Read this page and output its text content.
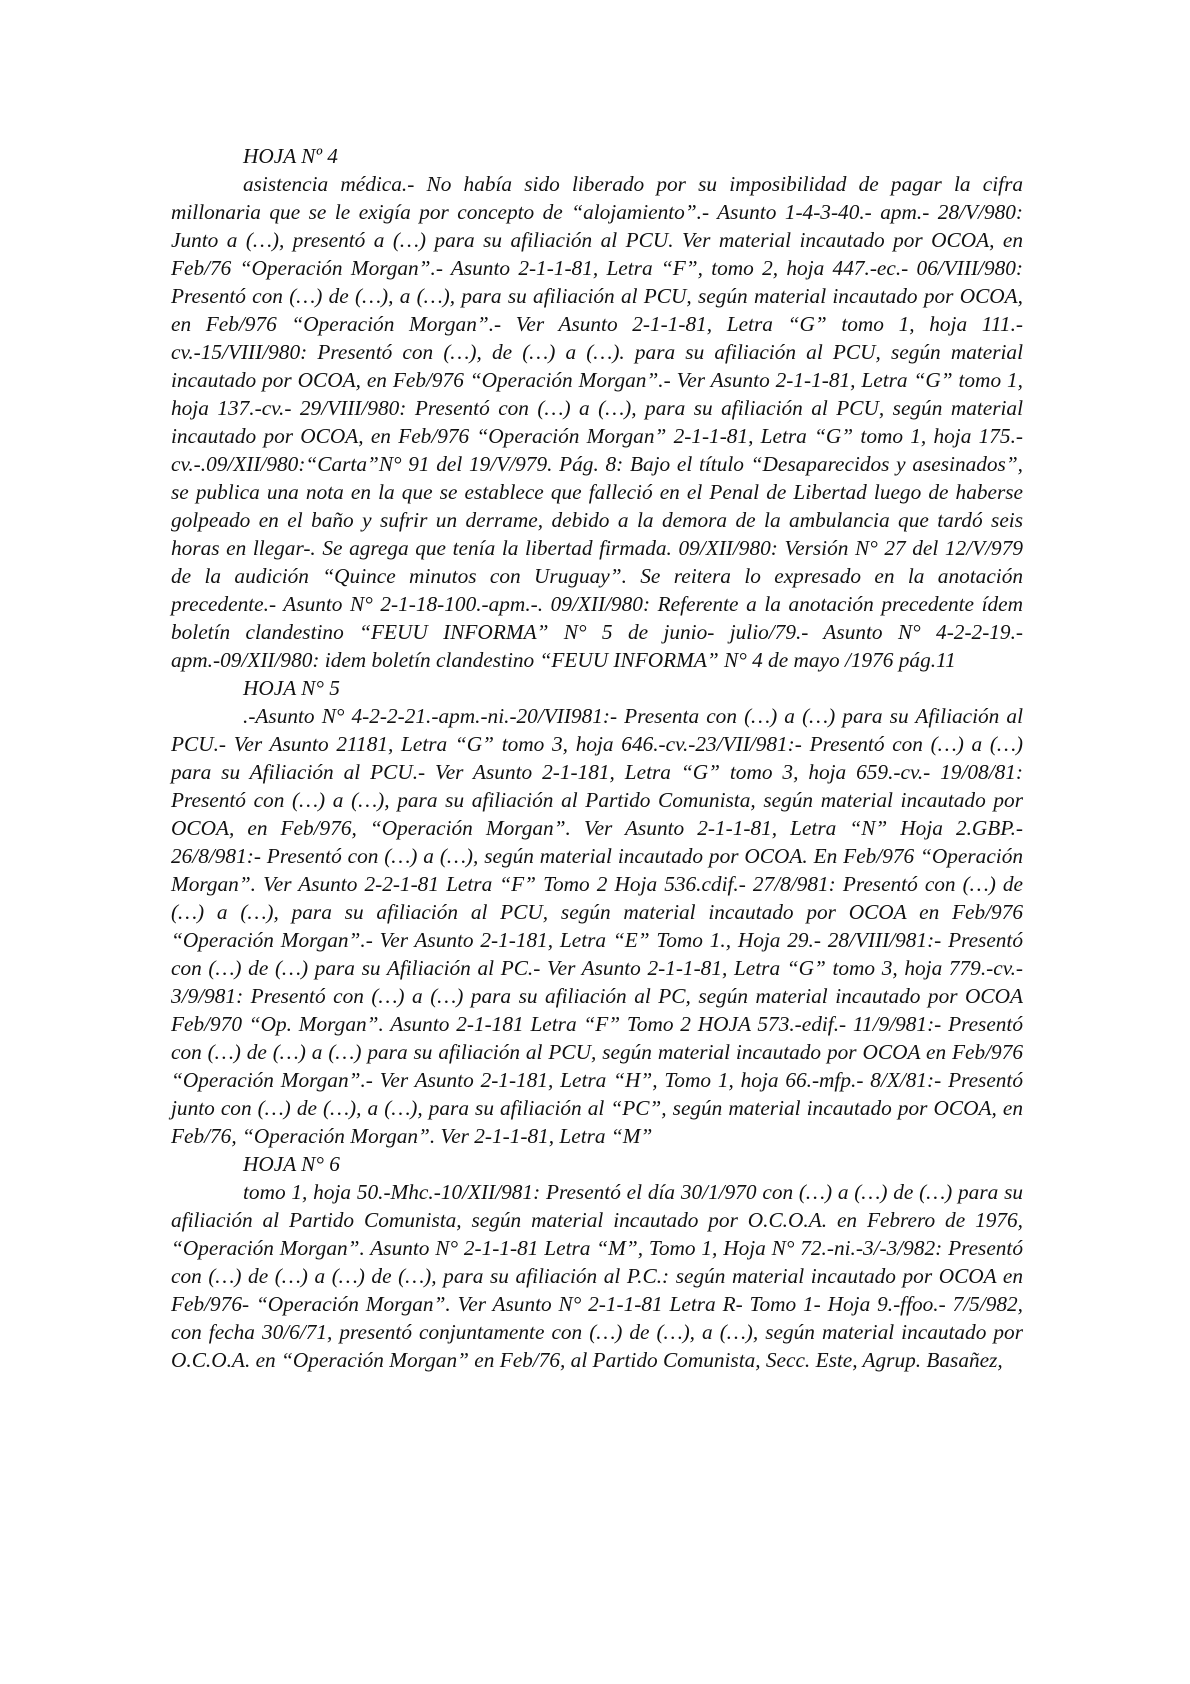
HOJA Nº 4

asistencia médica.- No había sido liberado por su imposibilidad de pagar la cifra millonaria que se le exigía por concepto de “alojamiento”.- Asunto 1-4-3-40.- apm.- 28/V/980: Junto a (…), presentó a (…) para su afiliación al PCU. Ver material incautado por OCOA, en Feb/76 “Operación Morgan”.- Asunto 2-1-1-81, Letra “F”, tomo 2, hoja 447.-ec.- 06/VIII/980: Presentó con (…) de (…), a (…), para su afiliación al PCU, según material incautado por OCOA, en Feb/976 “Operación Morgan”.- Ver Asunto 2-1-1-81, Letra “G” tomo 1, hoja 111.-cv.-15/VIII/980: Presentó con (…), de (…) a (…). para su afiliación al PCU, según material incautado por OCOA, en Feb/976 “Operación Morgan”.- Ver Asunto 2-1-1-81, Letra “G” tomo 1, hoja 137.-cv.- 29/VIII/980: Presentó con (…) a (…), para su afiliación al PCU, según material incautado por OCOA, en Feb/976 “Operación Morgan” 2-1-1-81, Letra “G” tomo 1, hoja 175.-cv.-.09/XII/980:“Carta”N° 91 del 19/V/979. Pág. 8: Bajo el título “Desaparecidos y asesinados”, se publica una nota en la que se establece que falleció en el Penal de Libertad luego de haberse golpeado en el baño y sufrir un derrame, debido a la demora de la ambulancia que tardó seis horas en llegar-. Se agrega que tenía la libertad firmada. 09/XII/980: Versión N° 27 del 12/V/979 de la audición “Quince minutos con Uruguay”. Se reitera lo expresado en la anotación precedente.- Asunto N° 2-1-18-100.-apm.-. 09/XII/980: Referente a la anotación precedente ídem boletín clandestino “FEUU INFORMA” N° 5 de junio- julio/79.- Asunto N° 4-2-2-19.- apm.-09/XII/980: idem boletín clandestino “FEUU INFORMA” N° 4 de mayo /1976 pág.11

HOJA N° 5

.-Asunto N° 4-2-2-21.-apm.-ni.-20/VII981:- Presenta con (…) a (…) para su Afiliación al PCU.- Ver Asunto 21181, Letra “G” tomo 3, hoja 646.-cv.-23/VII/981:- Presentó con (…) a (…) para su Afiliación al PCU.- Ver Asunto 2-1-181, Letra “G” tomo 3, hoja 659.-cv.- 19/08/81: Presentó con (…) a (…), para su afiliación al Partido Comunista, según material incautado por OCOA, en Feb/976, “Operación Morgan”. Ver Asunto 2-1-1-81, Letra “N” Hoja 2.GBP.- 26/8/981:- Presentó con (…) a (…), según material incautado por OCOA. En Feb/976 “Operación Morgan”. Ver Asunto 2-2-1-81 Letra “F” Tomo 2 Hoja 536.cdif.- 27/8/981: Presentó con (…) de (…) a (…), para su afiliación al PCU, según material incautado por OCOA en Feb/976 “Operación Morgan”.- Ver Asunto 2-1-181, Letra “E” Tomo 1., Hoja 29.- 28/VIII/981:- Presentó con (…) de (…) para su Afiliación al PC.- Ver Asunto 2-1-1-81, Letra “G” tomo 3, hoja 779.-cv.- 3/9/981: Presentó con (…) a (…) para su afiliación al PC, según material incautado por OCOA Feb/970 “Op. Morgan”. Asunto 2-1-181 Letra “F” Tomo 2 HOJA 573.-edif.- 11/9/981:- Presentó con (…) de (…) a (…) para su afiliación al PCU, según material incautado por OCOA en Feb/976 “Operación Morgan”.- Ver Asunto 2-1-181, Letra “H”, Tomo 1, hoja 66.-mfp.- 8/X/81:- Presentó junto con (…) de (…), a (…), para su afiliación al “PC”, según material incautado por OCOA, en Feb/76, “Operación Morgan”. Ver 2-1-1-81, Letra “M”

HOJA N° 6

tomo 1, hoja 50.-Mhc.-10/XII/981: Presentó el día 30/1/970 con (…) a (…) de (…) para su afiliación al Partido Comunista, según material incautado por O.C.O.A. en Febrero de 1976, “Operación Morgan”. Asunto N° 2-1-1-81 Letra “M”, Tomo 1, Hoja N° 72.-ni.-3/-3/982: Presentó con (…) de (…) a (…) de (…), para su afiliación al P.C.: según material incautado por OCOA en Feb/976- “Operación Morgan”. Ver Asunto N° 2-1-1-81 Letra R- Tomo 1- Hoja 9.-ffoo.- 7/5/982, con fecha 30/6/71, presentó conjuntamente con (…) de (…), a (…), según material incautado por O.C.O.A. en “Operación Morgan” en Feb/76, al Partido Comunista, Secc. Este, Agrup. Basañez,
